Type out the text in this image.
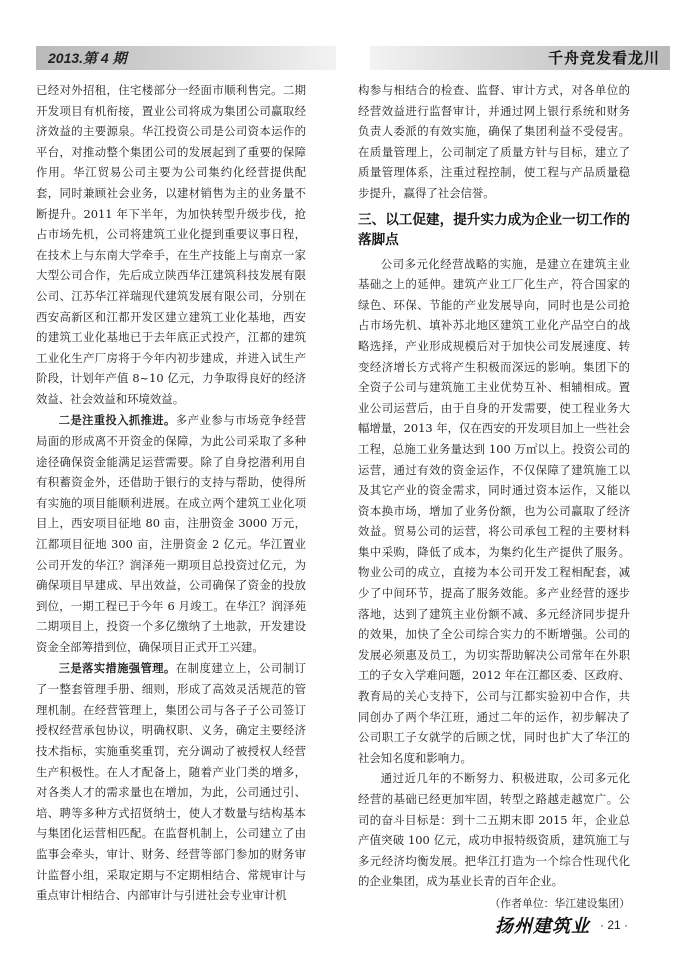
2013.第 4 期	千舟竞发看龙川

已经对外招租，住宅楼部分一经面市顺利售完。二期开发项目有机衔接，置业公司将成为集团公司赢取经济效益的主要源泉。华江投资公司是公司资本运作的平台，对推动整个集团公司的发展起到了重要的保障作用。华江贸易公司主要为公司集约化经营提供配套，同时兼顾社会业务，以建材销售为主的业务量不断提升。2011 年下半年，为加快转型升级步伐，抢占市场先机，公司将建筑工业化提到重要议事日程，在技术上与东南大学牵手，在生产技能上与南京一家大型公司合作，先后成立陕西华江建筑科技发展有限公司、江苏华江祥瑞现代建筑发展有限公司，分别在西安高新区和江都开发区建立建筑工业化基地，西安的建筑工业化基地已于去年底正式投产，江都的建筑工业化生产厂房将于今年内初步建成，并进入试生产阶段，计划年产值 8~10 亿元，力争取得良好的经济效益、社会效益和环境效益。

二是注重投入抓推进。多产业参与市场竞争经营局面的形成离不开资金的保障，为此公司采取了多种途径确保资金能满足运营需要。除了自身挖潜利用自有积蓄资金外，还借助于银行的支持与帮助，使得所有实施的项目能顺利进展。在成立两个建筑工业化项目上，西安项目征地 80 亩，注册资金 3000 万元，江都项目征地 300 亩，注册资金 2 亿元。华江置业公司开发的华江？润泽苑一期项目总投资过亿元，为确保项目早建成、早出效益，公司确保了资金的投放到位，一期工程已于今年 6 月竣工。在华江？润泽苑二期项目上，投资一个多亿缴纳了土地款，开发建设资金全部筹措到位，确保项目正式开工兴建。

三是落实措施强管理。在制度建立上，公司制订了一整套管理手册、细则，形成了高效灵活规范的管理机制。在经营管理上，集团公司与各子子公司签订授权经营承包协议，明确权职、义务，确定主要经济技术指标，实施重奖重罚，充分调动了被授权人经营生产积极性。在人才配备上，随着产业门类的增多，对各类人才的需求量也在增加，为此，公司通过引、培、聘等多种方式招贤纳士，使人才数量与结构基本与集团化运营相匹配。在监督机制上，公司建立了由监事会牵头，审计、财务、经营等部门参加的财务审计监督小组，采取定期与不定期相结合、常规审计与重点审计相结合、内部审计与引进社会专业审计机

构参与相结合的检查、监督、审计方式，对各单位的经营效益进行监督审计，并通过网上银行系统和财务负责人委派的有效实施，确保了集团利益不受侵害。在质量管理上，公司制定了质量方针与目标，建立了质量管理体系，注重过程控制，使工程与产品质量稳步提升，赢得了社会信誉。

三、以工促建，提升实力成为企业一切工作的落脚点

公司多元化经营战略的实施，是建立在建筑主业基础之上的延伸。建筑产业工厂化生产，符合国家的绿色、环保、节能的产业发展导向，同时也是公司抢占市场先机、填补苏北地区建筑工业化产品空白的战略选择，产业形成规模后对于加快公司发展速度、转变经济增长方式将产生积极而深远的影响。集团下的全资子公司与建筑施工主业优势互补、相辅相成。置业公司运营后，由于自身的开发需要，使工程业务大幅增量，2013 年，仅在西安的开发项目加上一些社会工程，总施工业务量达到 100 万㎡以上。投资公司的运营，通过有效的资金运作，不仅保障了建筑施工以及其它产业的资金需求，同时通过资本运作，又能以资本换市场，增加了业务份额，也为公司赢取了经济效益。贸易公司的运营，将公司承包工程的主要材料集中采购，降低了成本，为集约化生产提供了服务。物业公司的成立，直接为本公司开发工程相配套，减少了中间环节，提高了服务效能。多产业经营的逐步落地，达到了建筑主业份额不减、多元经济同步提升的效果，加快了全公司综合实力的不断增强。公司的发展必须惠及员工，为切实帮助解决公司常年在外职工的子女入学难问题，2012 年在江都区委、区政府、教育局的关心支持下，公司与江都实验初中合作，共同创办了两个华江班，通过二年的运作，初步解决了公司职工子女就学的后顾之忧，同时也扩大了华江的社会知名度和影响力。

通过近几年的不断努力、积极进取，公司多元化经营的基础已经更加牢固，转型之路越走越宽广。公司的奋斗目标是：到十二五期末即 2015 年，企业总产值突破 100 亿元，成功申报特级资质，建筑施工与多元经济均衡发展。把华江打造为一个综合性现代化的企业集团，成为基业长青的百年企业。

（作者单位：华江建设集团）
扬州建筑业 · 21 ·
